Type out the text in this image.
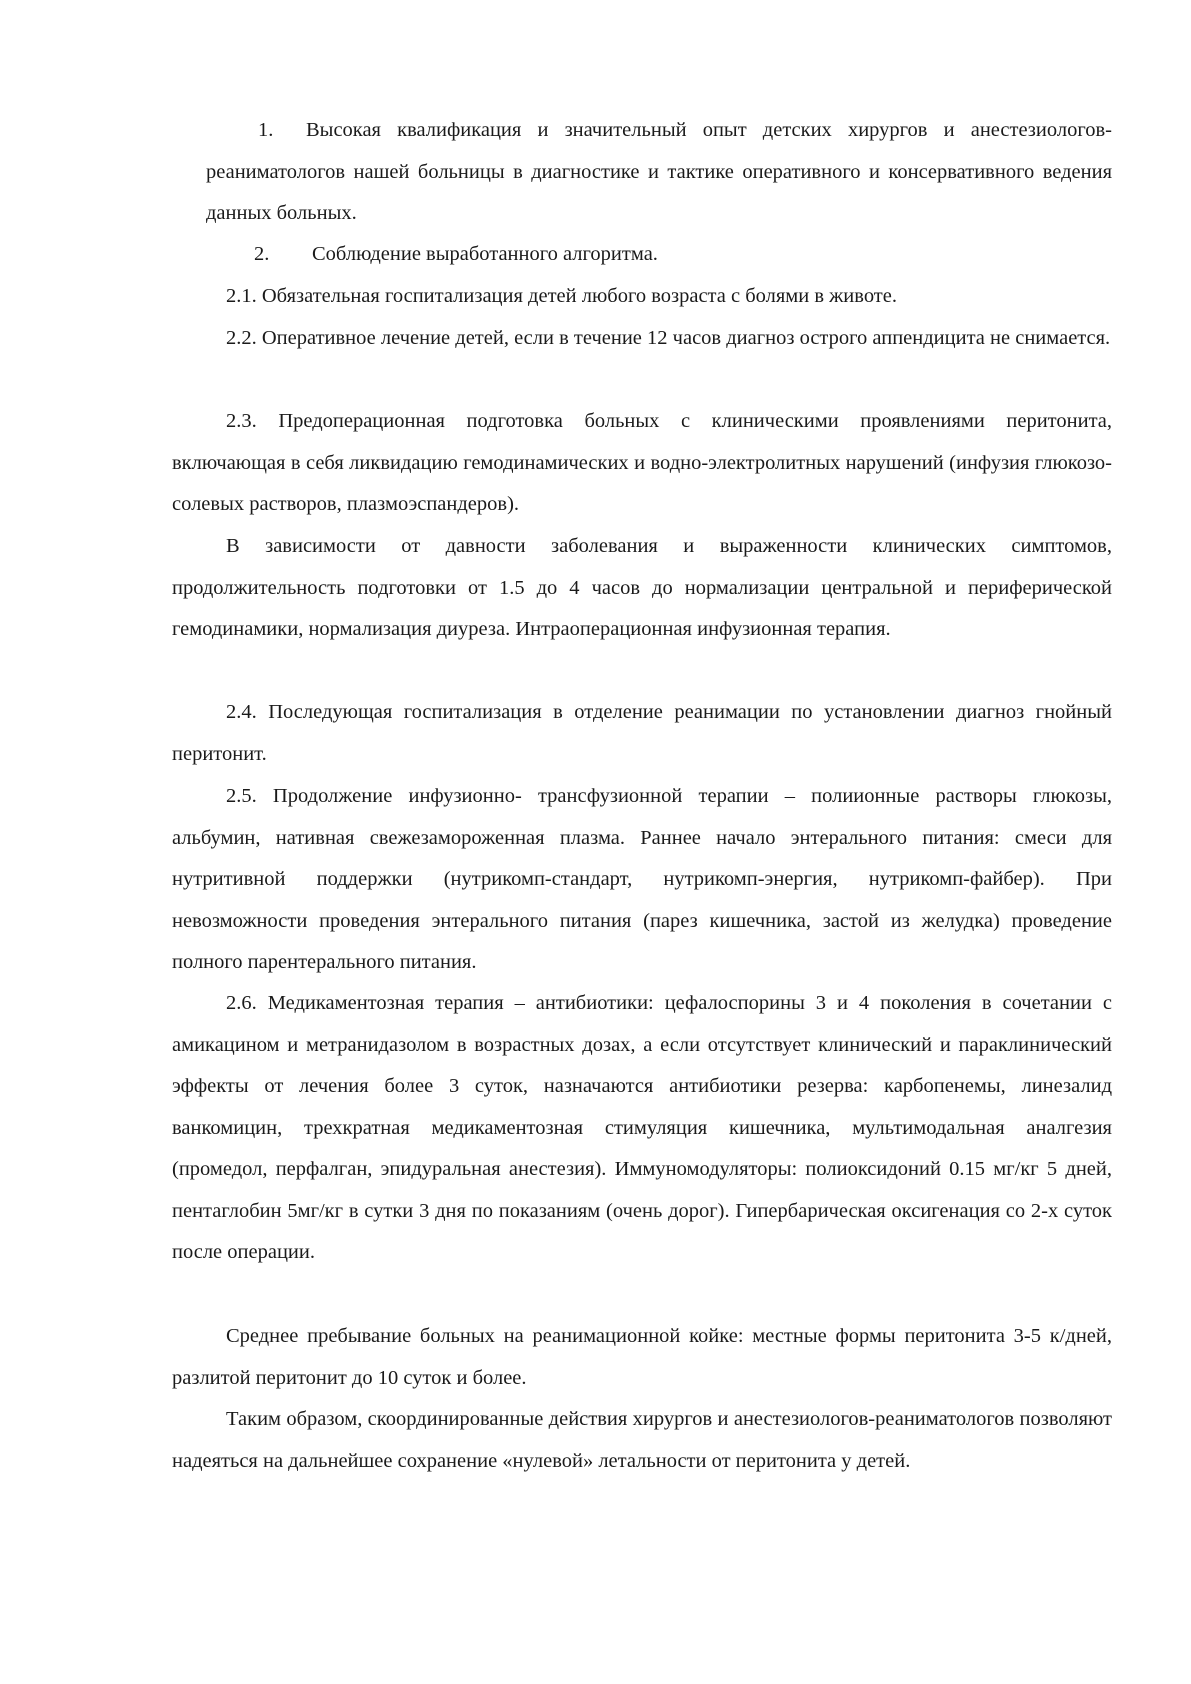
1. Высокая квалификация и значительный опыт детских хирургов и анестезиологов-реаниматологов нашей больницы в диагностике и тактике оперативного и консервативного ведения данных больных.

2. Соблюдение выработанного алгоритма.

2.1. Обязательная госпитализация детей любого возраста с болями в животе.

2.2. Оперативное лечение детей, если в течение 12 часов диагноз острого аппендицита не снимается.

2.3. Предоперационная подготовка больных с клиническими проявлениями перитонита, включающая в себя ликвидацию гемодинамических и водно-электролитных нарушений (инфузия глюкозо-солевых растворов, плазмоэспандеров).

В зависимости от давности заболевания и выраженности клинических симптомов, продолжительность подготовки от 1.5 до 4 часов до нормализации центральной и периферической гемодинамики, нормализация диуреза. Интраоперационная инфузионная терапия.

2.4. Последующая госпитализация в отделение реанимации по установлении диагноз гнойный перитонит.

2.5. Продолжение инфузионно- трансфузионной терапии – полиионные растворы глюкозы, альбумин, нативная свежезамороженная плазма. Раннее начало энтерального питания: смеси для нутритивной поддержки (нутрикомп-стандарт, нутрикомп-энергия, нутрикомп-файбер). При невозможности проведения энтерального питания (парез кишечника, застой из желудка) проведение полного парентерального питания.

2.6. Медикаментозная терапия – антибиотики: цефалоспорины 3 и 4 поколения в сочетании с амикацином и метранидазолом в возрастных дозах, а если отсутствует клинический и параклинический эффекты от лечения более 3 суток, назначаются антибиотики резерва: карбопенемы, линезалид ванкомицин, трехкратная медикаментозная стимуляция кишечника, мультимодальная аналгезия (промедол, перфалган, эпидуральная анестезия). Иммуномодуляторы: полиоксидоний 0.15 мг/кг 5 дней, пентаглобин 5мг/кг в сутки 3 дня по показаниям (очень дорог). Гипербарическая оксигенация со 2-х суток после операции.

Среднее пребывание больных на реанимационной койке: местные формы перитонита 3-5 к/дней, разлитой перитонит до 10 суток и более.

Таким образом, скоординированные действия хирургов и анестезиологов-реаниматологов позволяют надеяться на дальнейшее сохранение «нулевой» летальности от перитонита у детей.
